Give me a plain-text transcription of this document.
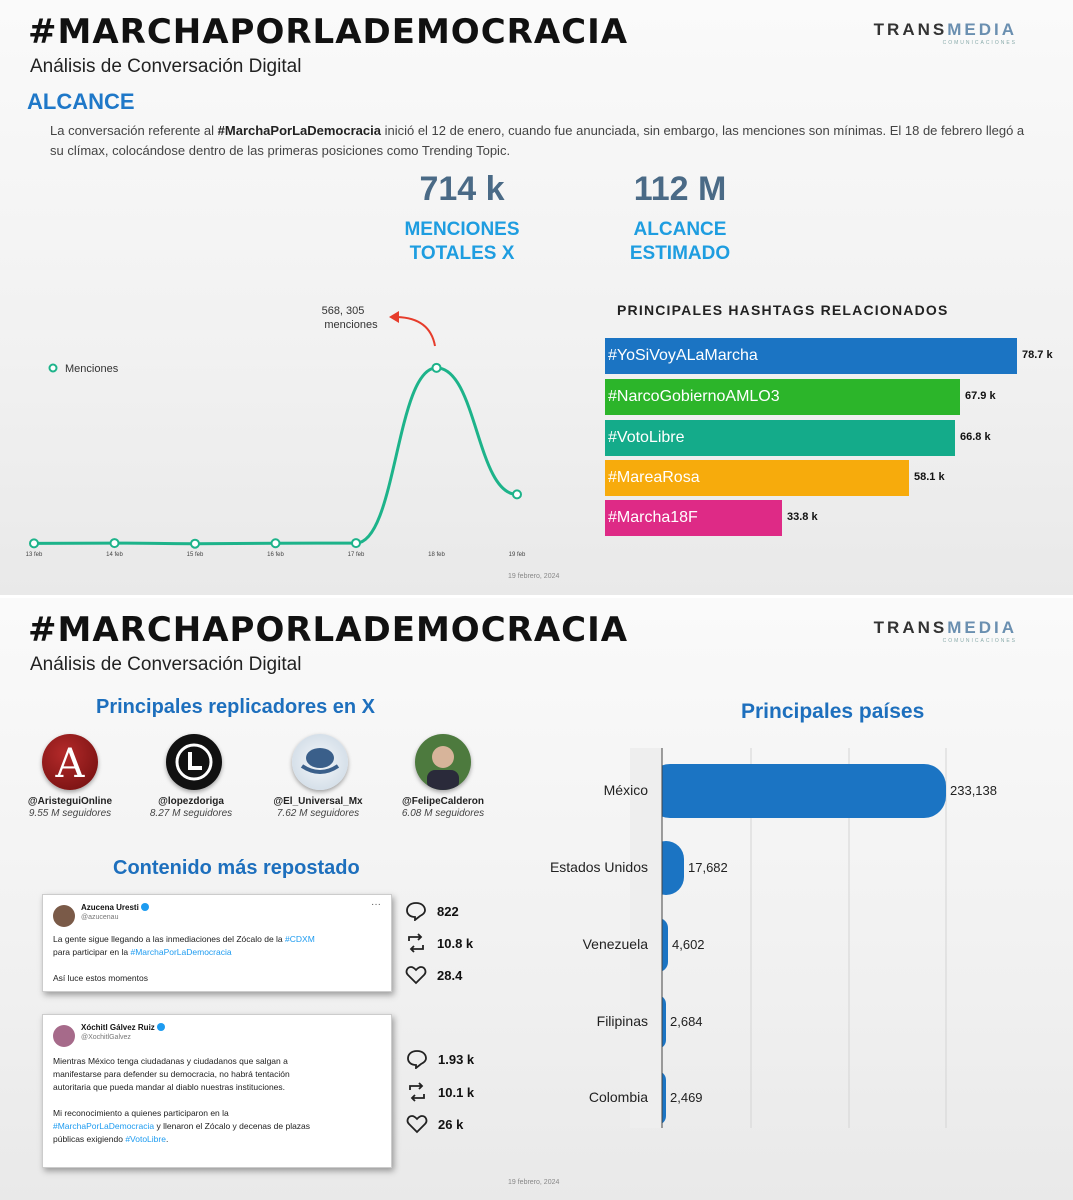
#MARCHAPORLADEMOCRACIA
Análisis de Conversación Digital
TRANSMEDIA
COMUNICACIONES
ALCANCE
La conversación referente al #MarchaPorLaDemocracia inició el 12 de enero, cuando fue anunciada, sin embargo, las menciones son mínimas. El 18 de febrero llegó a su clímax, colocándose dentro de las primeras posiciones como Trending Topic.
714 k
MENCIONES
TOTALES X
112 M
ALCANCE
ESTIMADO
Menciones
568, 305
menciones
13 feb	14 feb	15 feb	16 feb	17 feb	18 feb	19 feb
19 febrero, 2024
PRINCIPALES HASHTAGS RELACIONADOS
#YoSiVoyALaMarcha	78.7 k
#NarcoGobiernoAMLO3	67.9 k
#VotoLibre	66.8 k
#MareaRosa	58.1 k
#Marcha18F	33.8 k
#MARCHAPORLADEMOCRACIA
Análisis de Conversación Digital
TRANSMEDIA
COMUNICACIONES
Principales replicadores en X
A
@AristeguiOnline
9.55 M seguidores
@lopezdoriga
8.27 M seguidores
@El_Universal_Mx
7.62 M seguidores
@FelipeCalderon
6.08 M seguidores
Contenido más repostado
Azucena Uresti
@azucenau
···
La gente sigue llegando a las inmediaciones del Zócalo de la #CDXM
para participar en la #MarchaPorLaDemocracia
Así luce estos momentos
Xóchitl Gálvez Ruiz
@XochitlGalvez
Mientras México tenga ciudadanas y ciudadanos que salgan a
manifestarse para defender su democracia, no habrá tentación
autoritaria que pueda mandar al diablo nuestras instituciones.
Mi reconocimiento a quienes participaron en la
#MarchaPorLaDemocracia y llenaron el Zócalo y decenas de plazas
públicas exigiendo #VotoLibre.
822
10.8 k
28.4
1.93 k
10.1 k
26 k
Principales países
México	233,138
Estados Unidos	17,682
Venezuela 4,602
Filipinas 2,684
Colombia 2,469
19 febrero, 2024
